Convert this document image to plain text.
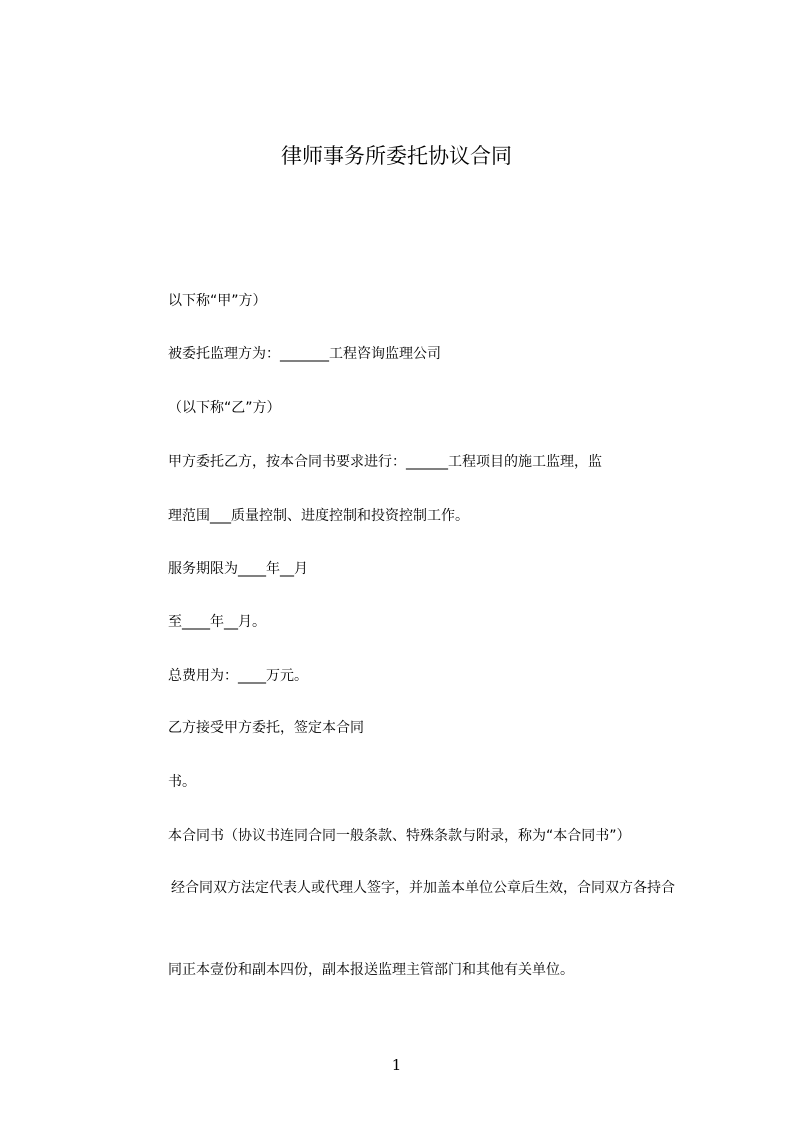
律师事务所委托协议合同
以下称“甲”方）
被委托监理方为：_______工程咨询监理公司
（以下称“乙”方）
甲方委托乙方，按本合同书要求进行：______工程项目的施工监理，监
理范围___质量控制、进度控制和投资控制工作。
服务期限为____年__月
至____年__月。
总费用为：____万元。
乙方接受甲方委托，签定本合同
书。
本合同书（协议书连同合同一般条款、特殊条款与附录，称为“本合同书”）
经合同双方法定代表人或代理人签字，并加盖本单位公章后生效，合同双方各持合
同正本壹份和副本四份，副本报送监理主管部门和其他有关单位。
1
